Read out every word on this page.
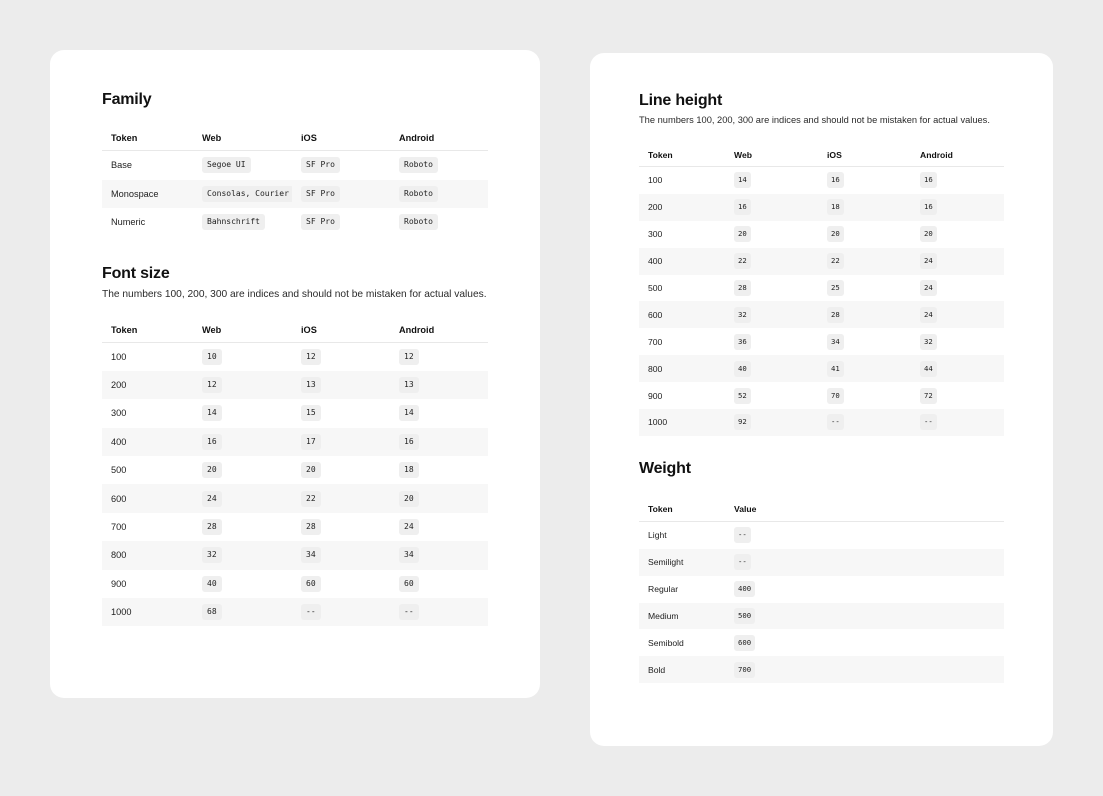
Family
Token	Web	iOS	Android
Base	Segoe UI	SF Pro	Roboto
Monospace	Consolas, Courier	SF Pro	Roboto
Numeric	Bahnschrift	SF Pro	Roboto
Font size
The numbers 100, 200, 300 are indices and should not be mistaken for actual values.
Token	Web	iOS	Android
100	10	12	12
200	12	13	13
300	14	15	14
400	16	17	16
500	20	20	18
600	24	22	20
700	28	28	24
800	32	34	34
900	40	60	60
1000	68	--	--
Line height
The numbers 100, 200, 300 are indices and should not be mistaken for actual values.
Token	Web	iOS	Android
100	14	16	16
200	16	18	16
300	20	20	20
400	22	22	24
500	28	25	24
600	32	28	24
700	36	34	32
800	40	41	44
900	52	70	72
1000	92	--	--
Weight
Token	Value
Light	--
Semilight	--
Regular	400
Medium	500
Semibold	600
Bold	700
